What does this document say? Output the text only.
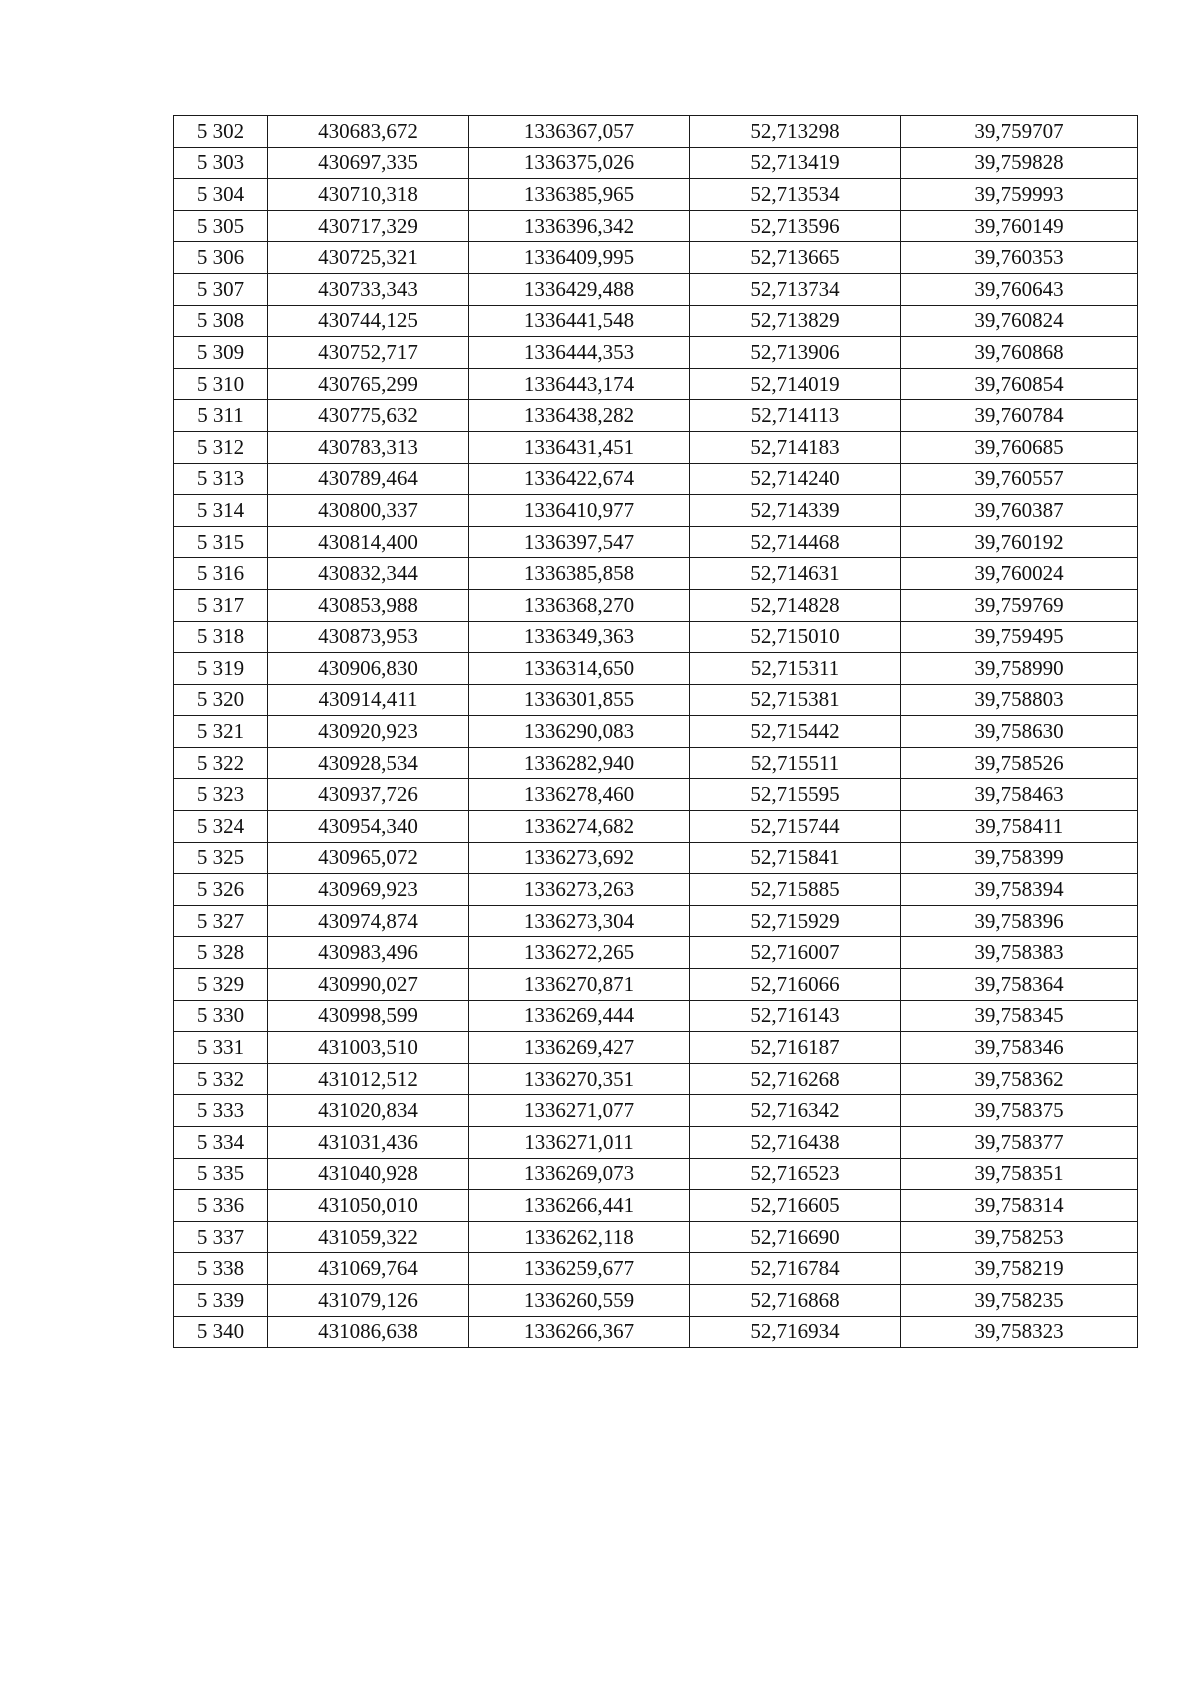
5 302	430683,672	1336367,057	52,713298	39,759707
5 303	430697,335	1336375,026	52,713419	39,759828
5 304	430710,318	1336385,965	52,713534	39,759993
5 305	430717,329	1336396,342	52,713596	39,760149
5 306	430725,321	1336409,995	52,713665	39,760353
5 307	430733,343	1336429,488	52,713734	39,760643
5 308	430744,125	1336441,548	52,713829	39,760824
5 309	430752,717	1336444,353	52,713906	39,760868
5 310	430765,299	1336443,174	52,714019	39,760854
5 311	430775,632	1336438,282	52,714113	39,760784
5 312	430783,313	1336431,451	52,714183	39,760685
5 313	430789,464	1336422,674	52,714240	39,760557
5 314	430800,337	1336410,977	52,714339	39,760387
5 315	430814,400	1336397,547	52,714468	39,760192
5 316	430832,344	1336385,858	52,714631	39,760024
5 317	430853,988	1336368,270	52,714828	39,759769
5 318	430873,953	1336349,363	52,715010	39,759495
5 319	430906,830	1336314,650	52,715311	39,758990
5 320	430914,411	1336301,855	52,715381	39,758803
5 321	430920,923	1336290,083	52,715442	39,758630
5 322	430928,534	1336282,940	52,715511	39,758526
5 323	430937,726	1336278,460	52,715595	39,758463
5 324	430954,340	1336274,682	52,715744	39,758411
5 325	430965,072	1336273,692	52,715841	39,758399
5 326	430969,923	1336273,263	52,715885	39,758394
5 327	430974,874	1336273,304	52,715929	39,758396
5 328	430983,496	1336272,265	52,716007	39,758383
5 329	430990,027	1336270,871	52,716066	39,758364
5 330	430998,599	1336269,444	52,716143	39,758345
5 331	431003,510	1336269,427	52,716187	39,758346
5 332	431012,512	1336270,351	52,716268	39,758362
5 333	431020,834	1336271,077	52,716342	39,758375
5 334	431031,436	1336271,011	52,716438	39,758377
5 335	431040,928	1336269,073	52,716523	39,758351
5 336	431050,010	1336266,441	52,716605	39,758314
5 337	431059,322	1336262,118	52,716690	39,758253
5 338	431069,764	1336259,677	52,716784	39,758219
5 339	431079,126	1336260,559	52,716868	39,758235
5 340	431086,638	1336266,367	52,716934	39,758323
